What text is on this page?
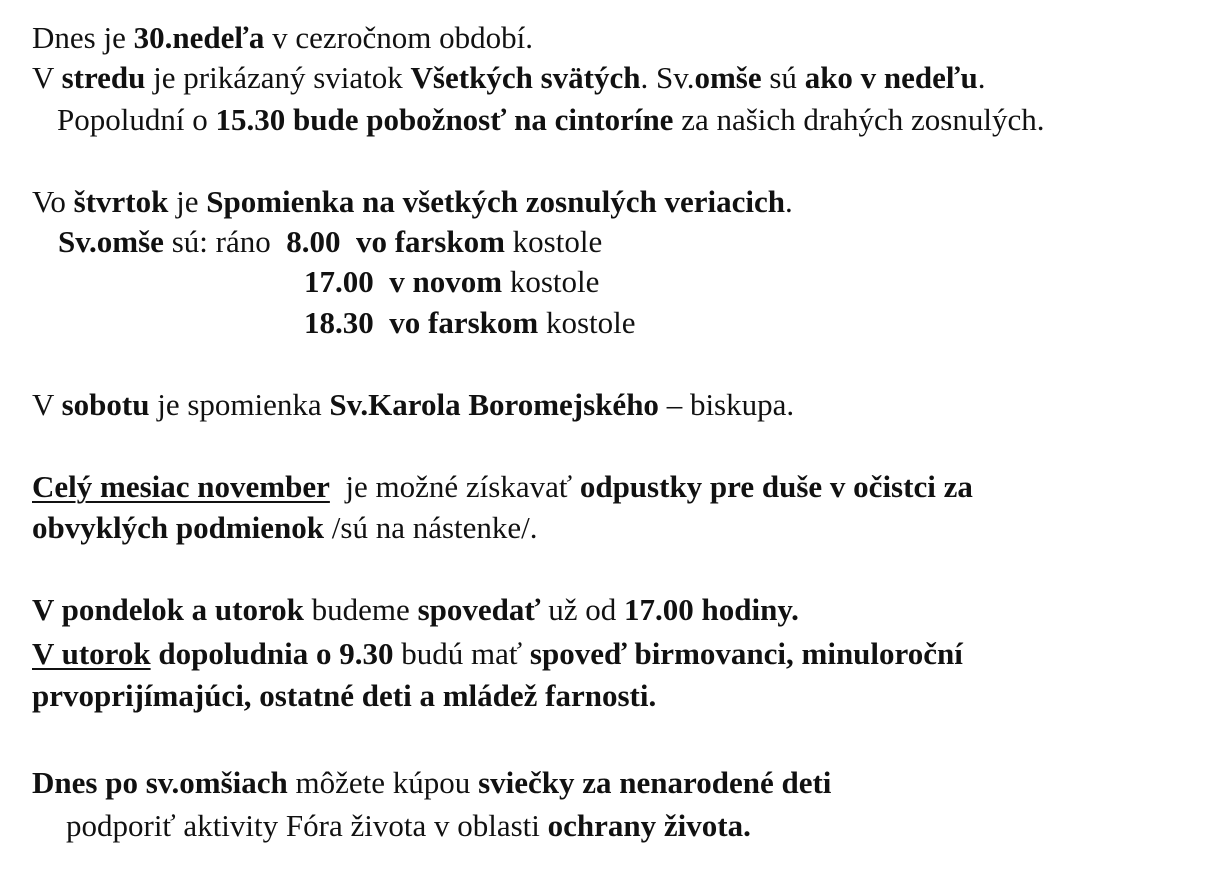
Dnes je 30.nedeľa v cezročnom období.
V stredu je prikázaný sviatok Všetkých svätých. Sv.omše sú ako v nedeľu.
Popoludní o 15.30 bude pobožnosť na cintoríne za našich drahých zosnulých.
Vo štvrtok je Spomienka na všetkých zosnulých veriacich.
Sv.omše sú: ráno  8.00  vo farskom kostole
17.00  v novom kostole
18.30  vo farskom kostole
V sobotu je spomienka Sv.Karola Boromejského – biskupa.
Celý mesiac november  je možné získavať odpustky pre duše v očistci za
obvyklých podmienok /sú na nástenke/.
V pondelok a utorok budeme spovedať už od 17.00 hodiny.
V utorok dopoludnia o 9.30 budú mať spoveď birmovanci, minuloroční
prvoprijímajúci, ostatné deti a mládež farnosti.
Dnes po sv.omšiach môžete kúpou sviečky za nenarodené deti
podporiť aktivity Fóra života v oblasti ochrany života.
